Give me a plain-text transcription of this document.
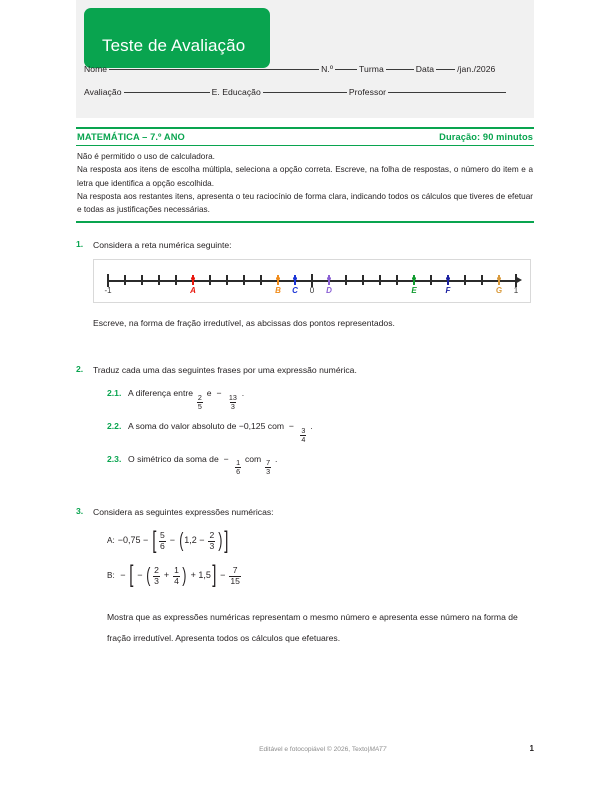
Teste de Avaliação
Nome	N.º	Turma	Data	/jan./2026
Avaliação	E. Educação	Professor
MATEMÁTICA – 7.º ANO	Duração: 90 minutos

Não é permitido o uso de calculadora.

Na resposta aos itens de escolha múltipla, seleciona a opção correta. Escreve, na folha de respostas, o número do item e a letra que identifica a opção escolhida.

Na resposta aos restantes itens, apresenta o teu raciocínio de forma clara, indicando todos os cálculos que tiveres de efetuar e todas as justificações necessárias.

1.	Considera a reta numérica seguinte:
-1	A	B C 0 D	E	F	G 1
Escreve, na forma de fração irredutível, as abcissas dos pontos representados.
2.	Traduz cada uma das seguintes frases por uma expressão numérica.
2.1. A diferença entre
$\frac{2}{5}$
e −
$\frac{13}{3}$
.
2.2. A soma do valor absoluto de −0,125 com −
$\frac{3}{4}$
.
2.3. O simétrico da soma de −
$\frac{1}{6}$
com
$\frac{7}{3}$
.
3.	Considera as seguintes expressões numéricas:
A: −0,75 − [ $\frac{5}{6}$ − ( $1,2 - \frac{2}{3}$ ) ]
B: − [ − ( $\frac{2}{3} + \frac{1}{4}$ ) + 1,5 ] − $\frac{7}{15}$
Mostra que as expressões numéricas representam o mesmo número e apresenta esse número na forma de fração irredutível. Apresenta todos os cálculos que efetuares.
Editável e fotocopiável © 2026, Texto|MAT7	1
